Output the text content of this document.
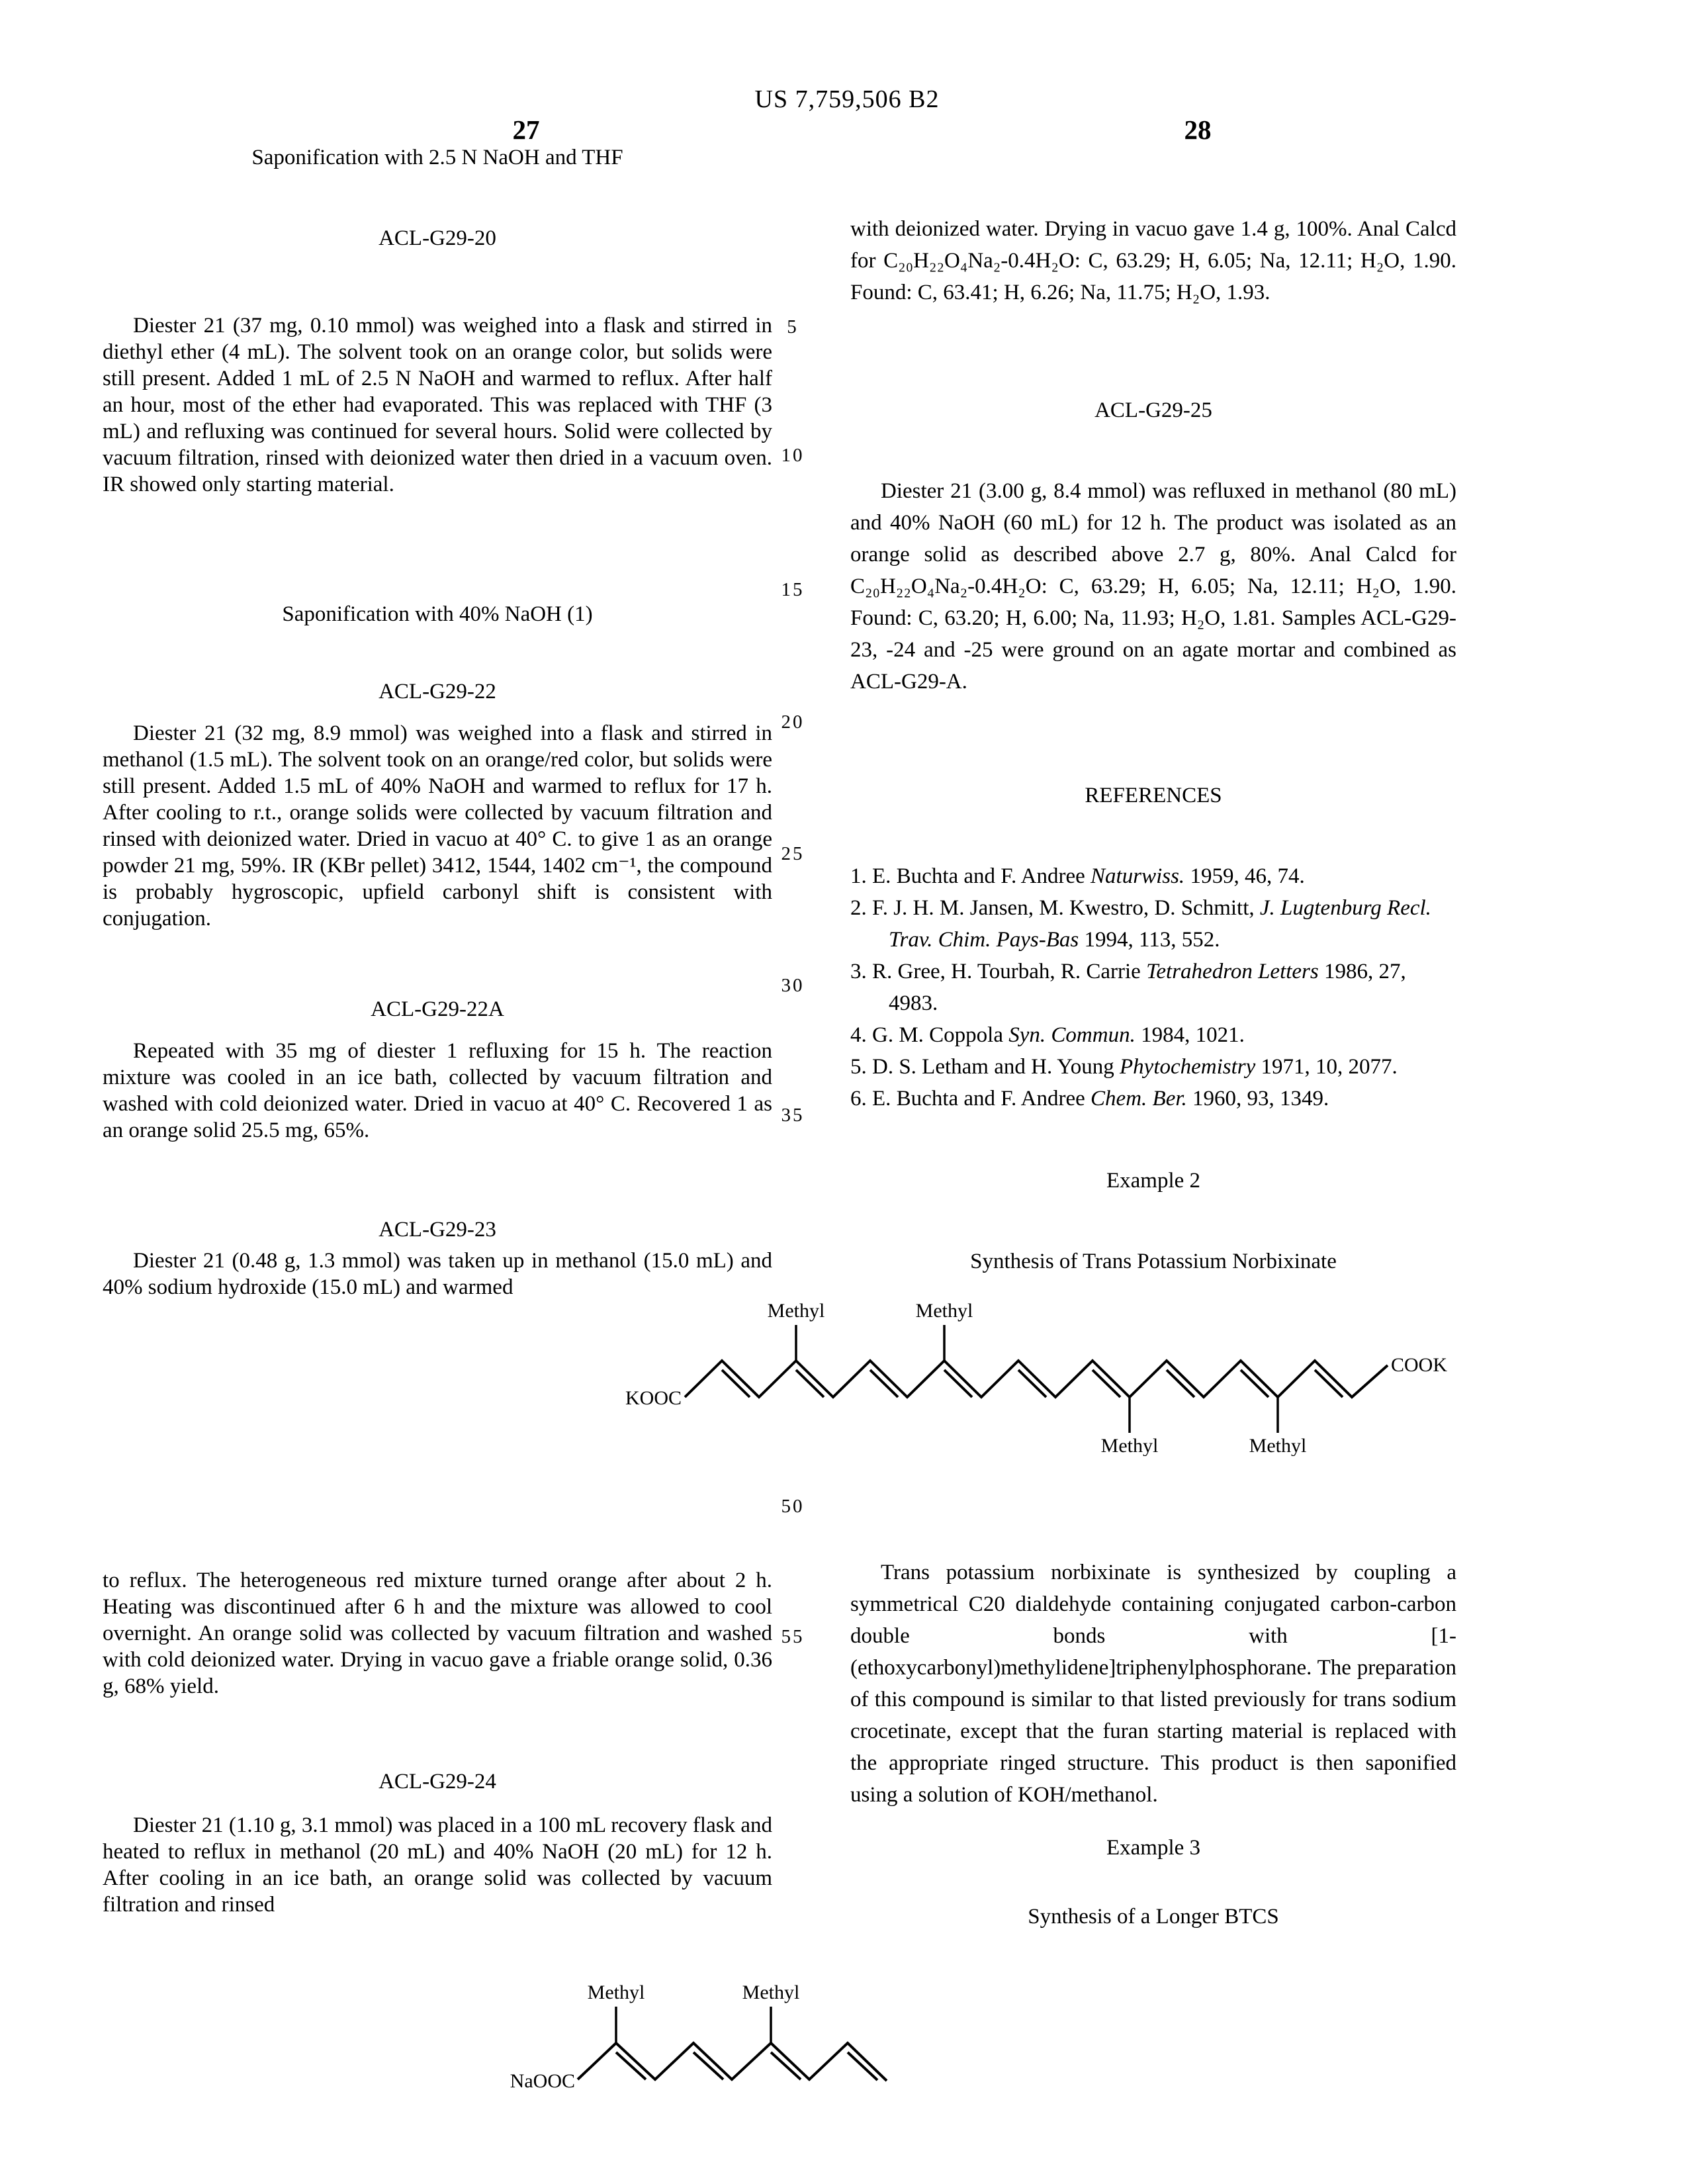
US 7,759,506 B2
27	28
5
10
15
20
25
30
35
50
55
Saponification with 2.5 N NaOH and THF
ACL-G29-20
Diester 21 (37 mg, 0.10 mmol) was weighed into a flask and stirred in diethyl ether (4 mL). The solvent took on an orange color, but solids were still present. Added 1 mL of 2.5 N NaOH and warmed to reflux. After half an hour, most of the ether had evaporated. This was replaced with THF (3 mL) and refluxing was continued for several hours. Solid were collected by vacuum filtration, rinsed with deionized water then dried in a vacuum oven. IR showed only starting material.
Saponification with 40% NaOH (1)
ACL-G29-22
Diester 21 (32 mg, 8.9 mmol) was weighed into a flask and stirred in methanol (1.5 mL). The solvent took on an orange/red color, but solids were still present. Added 1.5 mL of 40% NaOH and warmed to reflux for 17 h. After cooling to r.t., orange solids were collected by vacuum filtration and rinsed with deionized water. Dried in vacuo at 40° C. to give 1 as an orange powder 21 mg, 59%. IR (KBr pellet) 3412, 1544, 1402 cm⁻¹, the compound is probably hygroscopic, upfield carbonyl shift is consistent with conjugation.
ACL-G29-22A
Repeated with 35 mg of diester 1 refluxing for 15 h. The reaction mixture was cooled in an ice bath, collected by vacuum filtration and washed with cold deionized water. Dried in vacuo at 40° C. Recovered 1 as an orange solid 25.5 mg, 65%.
ACL-G29-23
Diester 21 (0.48 g, 1.3 mmol) was taken up in methanol (15.0 mL) and 40% sodium hydroxide (15.0 mL) and warmed
to reflux. The heterogeneous red mixture turned orange after about 2 h. Heating was discontinued after 6 h and the mixture was allowed to cool overnight. An orange solid was collected by vacuum filtration and washed with cold deionized water. Drying in vacuo gave a friable orange solid, 0.36 g, 68% yield.
ACL-G29-24
Diester 21 (1.10 g, 3.1 mmol) was placed in a 100 mL recovery flask and heated to reflux in methanol (20 mL) and 40% NaOH (20 mL) for 12 h. After cooling in an ice bath, an orange solid was collected by vacuum filtration and rinsed
with deionized water. Drying in vacuo gave 1.4 g, 100%. Anal Calcd for C₂₀H₂₂O₄Na₂-0.4H₂O: C, 63.29; H, 6.05; Na, 12.11; H₂O, 1.90. Found: C, 63.41; H, 6.26; Na, 11.75; H₂O, 1.93.
ACL-G29-25
Diester 21 (3.00 g, 8.4 mmol) was refluxed in methanol (80 mL) and 40% NaOH (60 mL) for 12 h. The product was isolated as an orange solid as described above 2.7 g, 80%. Anal Calcd for C₂₀H₂₂O₄Na₂-0.4H₂O: C, 63.29; H, 6.05; Na, 12.11; H₂O, 1.90. Found: C, 63.20; H, 6.00; Na, 11.93; H₂O, 1.81. Samples ACL-G29-23, -24 and -25 were ground on an agate mortar and combined as ACL-G29-A.
REFERENCES
1. E. Buchta and F. Andree Naturwiss. 1959, 46, 74.
2. F. J. H. M. Jansen, M. Kwestro, D. Schmitt, J. Lugtenburg Recl. Trav. Chim. Pays-Bas 1994, 113, 552.
3. R. Gree, H. Tourbah, R. Carrie Tetrahedron Letters 1986, 27, 4983.
4. G. M. Coppola Syn. Commun. 1984, 1021.
5. D. S. Letham and H. Young Phytochemistry 1971, 10, 2077.
6. E. Buchta and F. Andree Chem. Ber. 1960, 93, 1349.
Example 2
Synthesis of Trans Potassium Norbixinate
Trans potassium norbixinate is synthesized by coupling a symmetrical C20 dialdehyde containing conjugated carbon-carbon double bonds with [1-(ethoxycarbonyl)methylidene]triphenylphosphorane. The preparation of this compound is similar to that listed previously for trans sodium crocetinate, except that the furan starting material is replaced with the appropriate ringed structure. This product is then saponified using a solution of KOH/methanol.
Example 3
Synthesis of a Longer BTCS
KOOC
COOK
Methyl	Methyl
Methyl	Methyl
NaOOC
Methyl	Methyl
